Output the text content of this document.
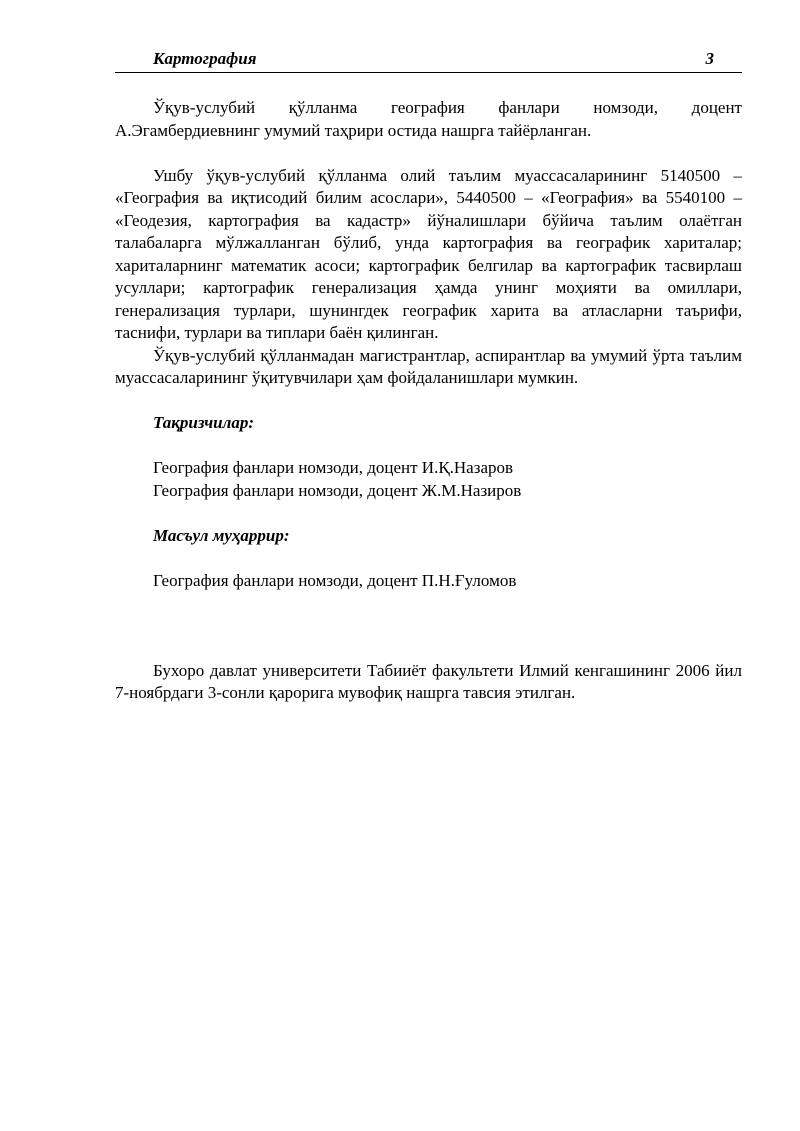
Картография	3

Ўқув-услубий қўлланма география фанлари номзоди, доцент А.Эгамбердиевнинг умумий таҳрири остида нашрга тайёрланган.

Ушбу ўқув-услубий қўлланма олий таълим муассасаларининг 5140500 – «География ва иқтисодий билим асослари», 5440500 – «География» ва 5540100 – «Геодезия, картография ва кадастр» йўналишлари бўйича таълим олаётган талабаларга мўлжалланган бўлиб, унда картография ва географик хариталар; хариталарнинг математик асоси; картографик белгилар ва картографик тасвирлаш усуллари; картографик генерализация ҳамда унинг моҳияти ва омиллари, генерализация турлари, шунингдек географик харита ва атласларни таърифи, таснифи, турлари ва типлари баён қилинган.

Ўқув-услубий қўлланмадан магистрантлар, аспирантлар ва умумий ўрта таълим муассасаларининг ўқитувчилари ҳам фойдаланишлари мумкин.

Тақризчилар:

География фанлари номзоди, доцент И.Қ.Назаров

География фанлари номзоди, доцент Ж.М.Назиров

Масъул муҳаррир:

География фанлари номзоди, доцент П.Н.Ғуломов

Бухоро давлат университети Табииёт факультети Илмий кенгашининг 2006 йил 7-ноябрдаги 3-сонли қарорига мувофиқ нашрга тавсия этилган.
